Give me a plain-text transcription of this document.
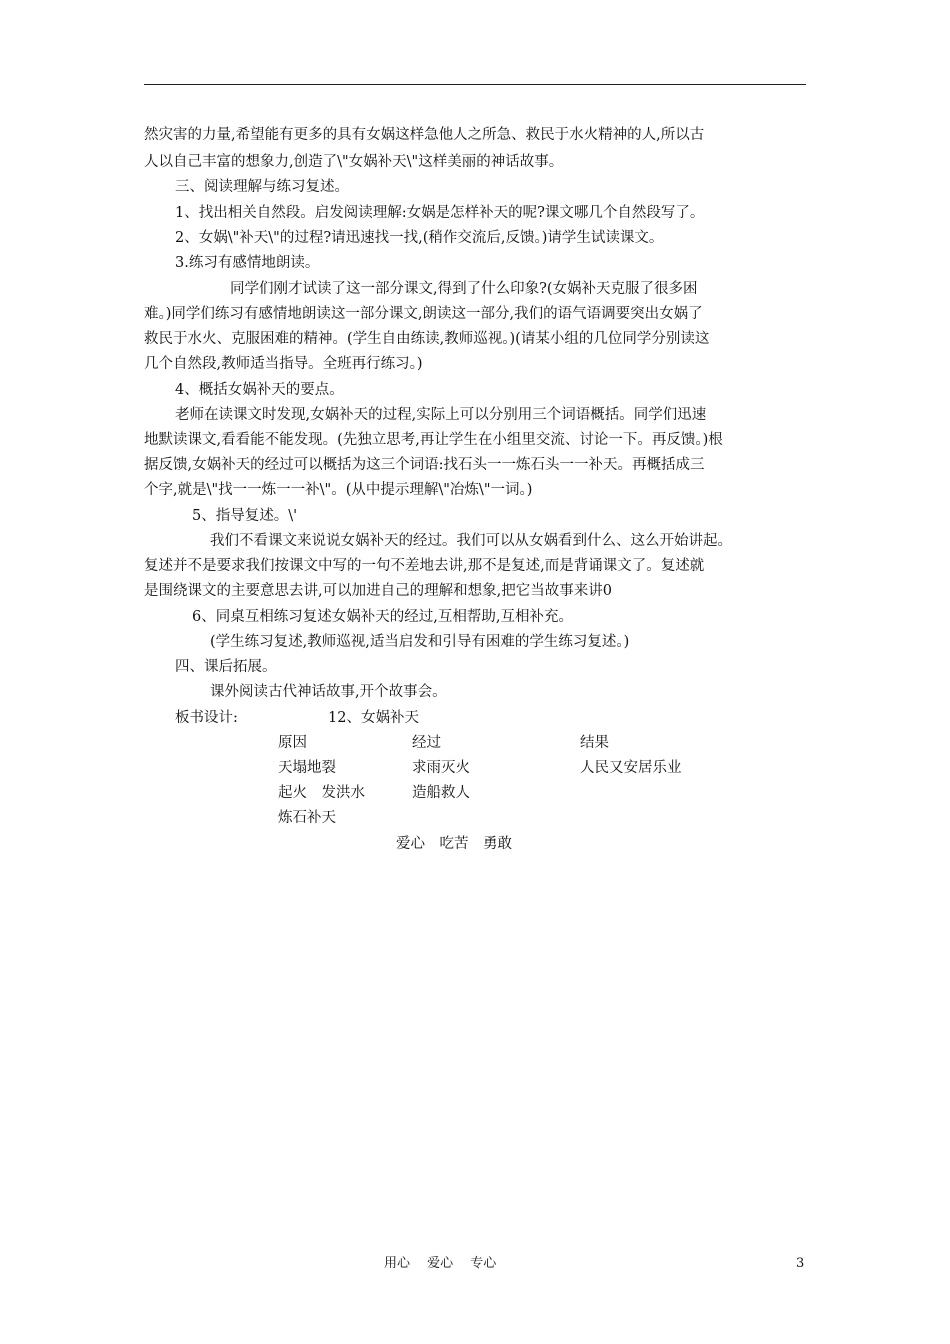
然灾害的力量,希望能有更多的具有女娲这样急他人之所急、救民于水火精神的人,所以古
人以自己丰富的想象力,创造了\"女娲补天\"这样美丽的神话故事。
三、阅读理解与练习复述。
1、找出相关自然段。启发阅读理解:女娲是怎样补天的呢?课文哪几个自然段写了。
2、女娲\"补天\"的过程?请迅速找一找,(稍作交流后,反馈。)请学生试读课文。
3.练习有感情地朗读。
同学们刚才试读了这一部分课文,得到了什么印象?(女娲补天克服了很多困
难。)同学们练习有感情地朗读这一部分课文,朗读这一部分,我们的语气语调要突出女娲了
救民于水火、克服困难的精神。(学生自由练读,教师巡视。)(请某小组的几位同学分别读这
几个自然段,教师适当指导。全班再行练习。)
4、概括女娲补天的要点。
老师在读课文时发现,女娲补天的过程,实际上可以分别用三个词语概括。同学们迅速
地默读课文,看看能不能发现。(先独立思考,再让学生在小组里交流、讨论一下。再反馈。)根
据反馈,女娲补天的经过可以概括为这三个词语:找石头一一炼石头一一补天。再概括成三
个字,就是\"找一一炼一一补\"。(从中提示理解\"冶炼\"一词。)
5、指导复述。\'
我们不看课文来说说女娲补天的经过。我们可以从女娲看到什么、这么开始讲起。
复述并不是要求我们按课文中写的一句不差地去讲,那不是复述,而是背诵课文了。复述就
是围绕课文的主要意思去讲,可以加进自己的理解和想象,把它当故事来讲0
6、同桌互相练习复述女娲补天的经过,互相帮助,互相补充。
(学生练习复述,教师巡视,适当启发和引导有困难的学生练习复述。)
四、课后拓展。
课外阅读古代神话故事,开个故事会。
板书设计:	12、女娲补天
原因	经过	结果
天塌地裂	求雨灭火	人民又安居乐业
起火　发洪水	造船救人
炼石补天
爱心　吃苦　勇敢
用心　 爱心　 专心	3
